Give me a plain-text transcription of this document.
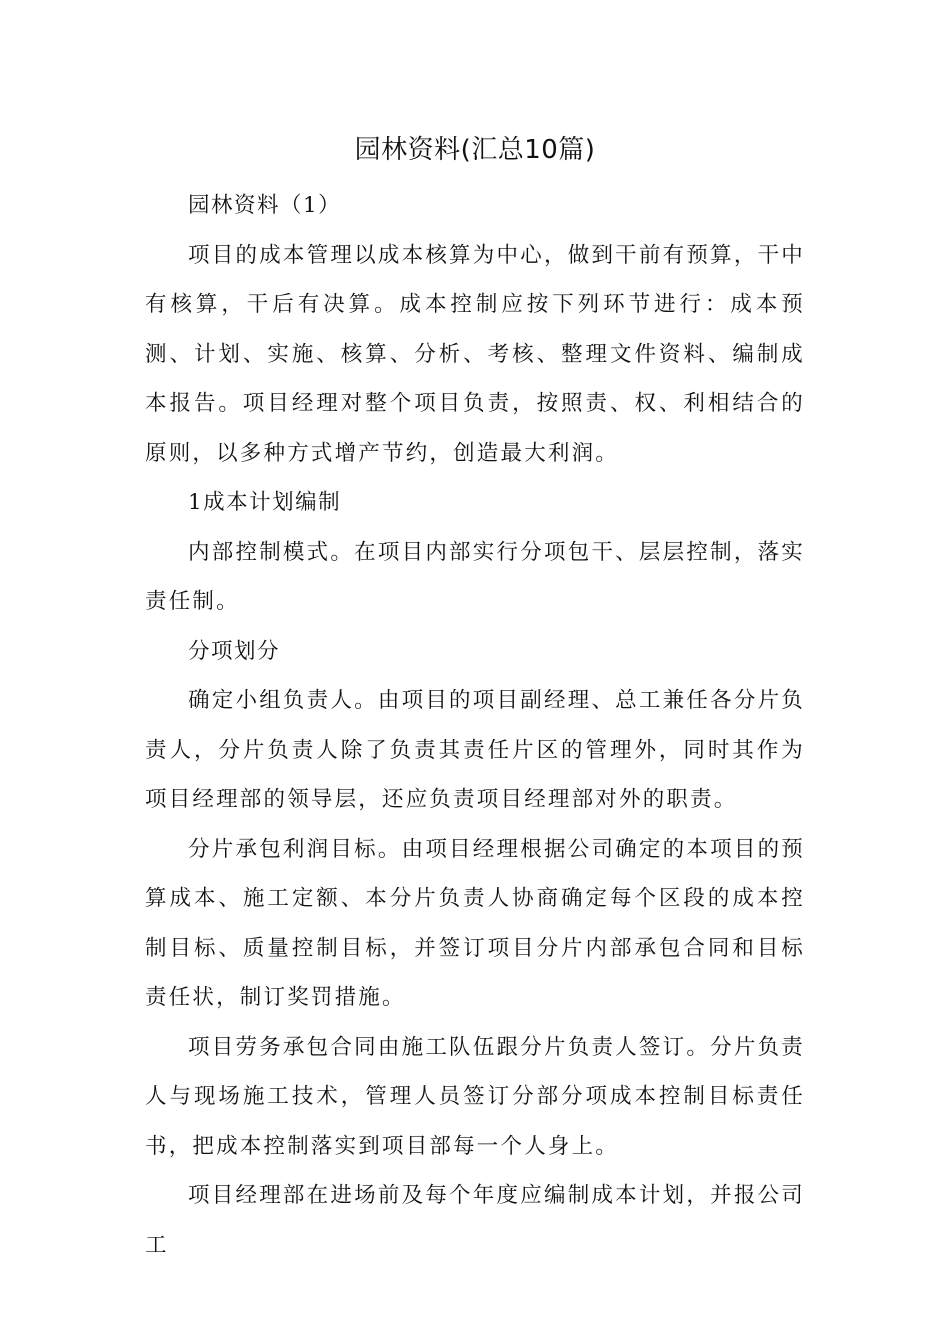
园林资料(汇总10篇)

园林资料（1）

项目的成本管理以成本核算为中心，做到干前有预算，干中有核算，干后有决算。成本控制应按下列环节进行：成本预测、计划、实施、核算、分析、考核、整理文件资料、编制成本报告。项目经理对整个项目负责，按照责、权、利相结合的原则，以多种方式增产节约，创造最大利润。

1成本计划编制

内部控制模式。在项目内部实行分项包干、层层控制，落实责任制。

分项划分

确定小组负责人。由项目的项目副经理、总工兼任各分片负责人，分片负责人除了负责其责任片区的管理外，同时其作为项目经理部的领导层，还应负责项目经理部对外的职责。

分片承包利润目标。由项目经理根据公司确定的本项目的预算成本、施工定额、本分片负责人协商确定每个区段的成本控制目标、质量控制目标，并签订项目分片内部承包合同和目标责任状，制订奖罚措施。

项目劳务承包合同由施工队伍跟分片负责人签订。分片负责人与现场施工技术，管理人员签订分部分项成本控制目标责任书，把成本控制落实到项目部每一个人身上。

项目经理部在进场前及每个年度应编制成本计划，并报公司工
